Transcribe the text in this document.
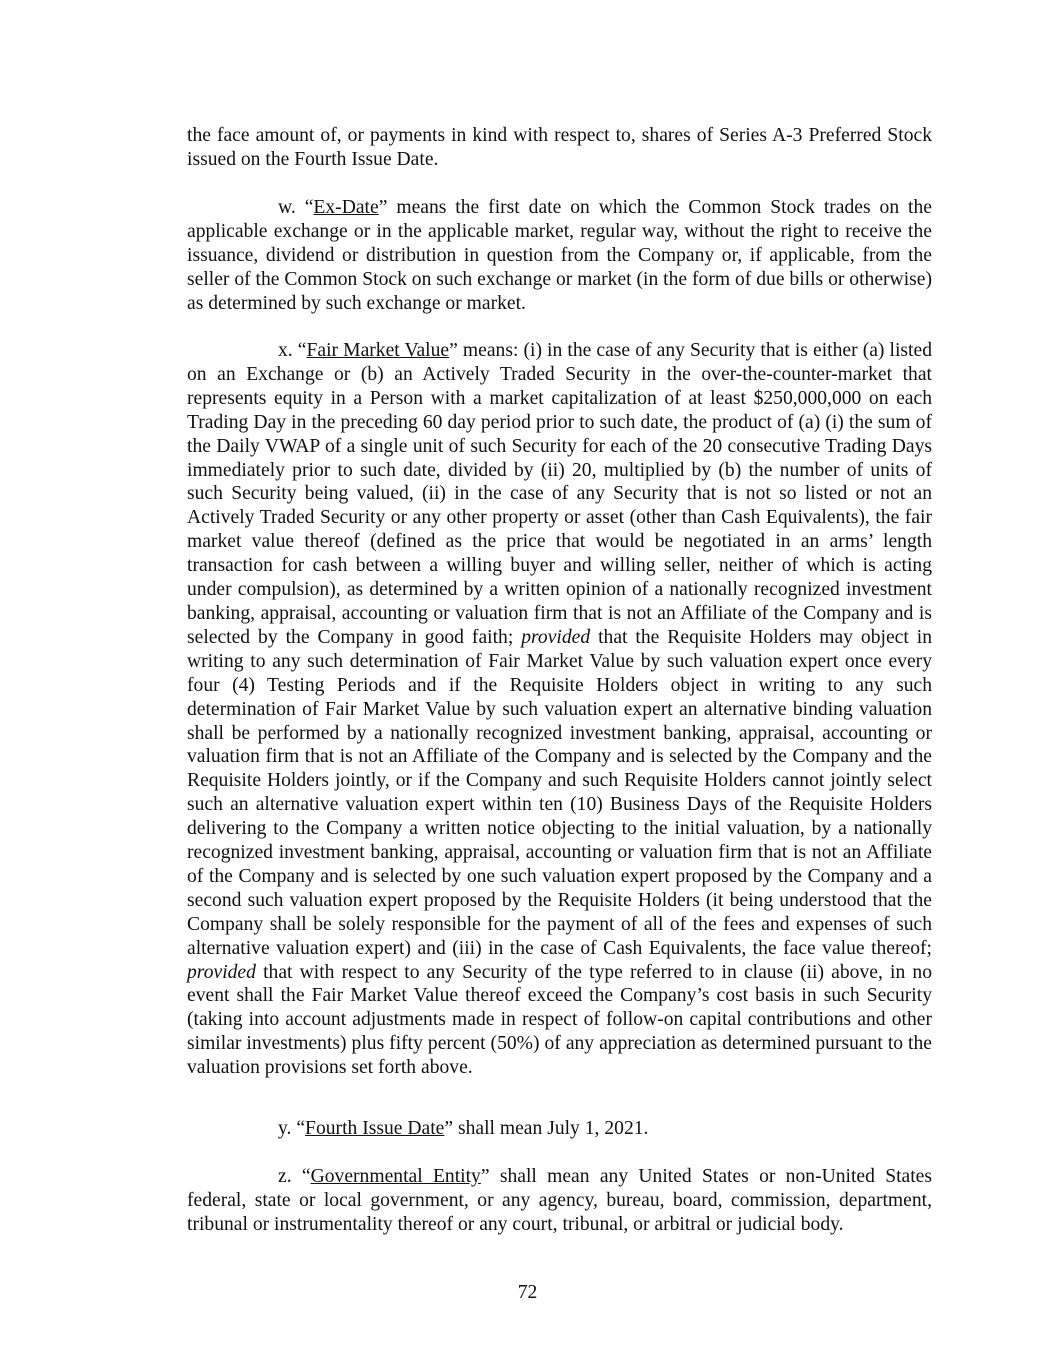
the face amount of, or payments in kind with respect to, shares of Series A-3 Preferred Stock issued on the Fourth Issue Date.

w. “Ex-Date” means the first date on which the Common Stock trades on the applicable exchange or in the applicable market, regular way, without the right to receive the issuance, dividend or distribution in question from the Company or, if applicable, from the seller of the Common Stock on such exchange or market (in the form of due bills or otherwise) as determined by such exchange or market.

x. “Fair Market Value” means: (i) in the case of any Security that is either (a) listed on an Exchange or (b) an Actively Traded Security in the over-the-counter-market that represents equity in a Person with a market capitalization of at least $250,000,000 on each Trading Day in the preceding 60 day period prior to such date, the product of (a) (i) the sum of the Daily VWAP of a single unit of such Security for each of the 20 consecutive Trading Days immediately prior to such date, divided by (ii) 20, multiplied by (b) the number of units of such Security being valued, (ii) in the case of any Security that is not so listed or not an Actively Traded Security or any other property or asset (other than Cash Equivalents), the fair market value thereof (defined as the price that would be negotiated in an arms’ length transaction for cash between a willing buyer and willing seller, neither of which is acting under compulsion), as determined by a written opinion of a nationally recognized investment banking, appraisal, accounting or valuation firm that is not an Affiliate of the Company and is selected by the Company in good faith; provided that the Requisite Holders may object in writing to any such determination of Fair Market Value by such valuation expert once every four (4) Testing Periods and if the Requisite Holders object in writing to any such determination of Fair Market Value by such valuation expert an alternative binding valuation shall be performed by a nationally recognized investment banking, appraisal, accounting or valuation firm that is not an Affiliate of the Company and is selected by the Company and the Requisite Holders jointly, or if the Company and such Requisite Holders cannot jointly select such an alternative valuation expert within ten (10) Business Days of the Requisite Holders delivering to the Company a written notice objecting to the initial valuation, by a nationally recognized investment banking, appraisal, accounting or valuation firm that is not an Affiliate of the Company and is selected by one such valuation expert proposed by the Company and a second such valuation expert proposed by the Requisite Holders (it being understood that the Company shall be solely responsible for the payment of all of the fees and expenses of such alternative valuation expert) and (iii) in the case of Cash Equivalents, the face value thereof; provided that with respect to any Security of the type referred to in clause (ii) above, in no event shall the Fair Market Value thereof exceed the Company’s cost basis in such Security (taking into account adjustments made in respect of follow-on capital contributions and other similar investments) plus fifty percent (50%) of any appreciation as determined pursuant to the valuation provisions set forth above.

y. “Fourth Issue Date” shall mean July 1, 2021.

z. “Governmental Entity” shall mean any United States or non-United States federal, state or local government, or any agency, bureau, board, commission, department, tribunal or instrumentality thereof or any court, tribunal, or arbitral or judicial body.

72
